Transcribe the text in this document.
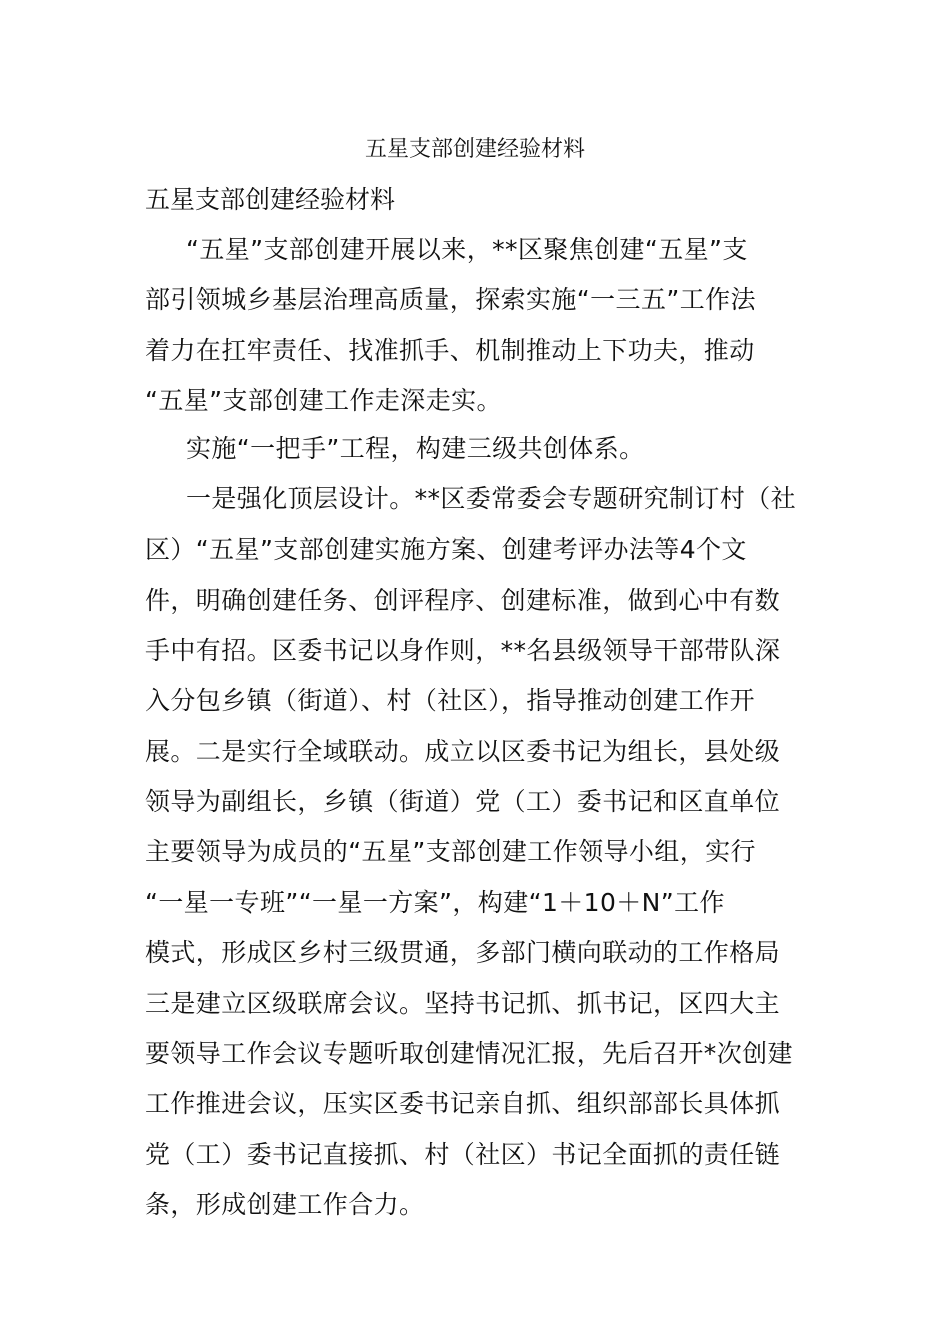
五星支部创建经验材料

五星支部创建经验材料

“五星”支部创建开展以来，**区聚焦创建“五星”支

部引领城乡基层治理高质量，探索实施“一三五”工作法

着力在扛牢责任、找准抓手、机制推动上下功夫，推动

“五星”支部创建工作走深走实。

实施“一把手”工程，构建三级共创体系。

一是强化顶层设计。**区委常委会专题研究制订村（社

区）“五星”支部创建实施方案、创建考评办法等4个文

件，明确创建任务、创评程序、创建标准，做到心中有数

手中有招。区委书记以身作则，**名县级领导干部带队深

入分包乡镇（街道）、村（社区），指导推动创建工作开

展。二是实行全域联动。成立以区委书记为组长，县处级

领导为副组长，乡镇（街道）党（工）委书记和区直单位

主要领导为成员的“五星”支部创建工作领导小组，实行

“一星一专班”“一星一方案”，构建“1＋10＋N”工作

模式，形成区乡村三级贯通，多部门横向联动的工作格局

三是建立区级联席会议。坚持书记抓、抓书记，区四大主

要领导工作会议专题听取创建情况汇报，先后召开*次创建

工作推进会议，压实区委书记亲自抓、组织部部长具体抓

党（工）委书记直接抓、村（社区）书记全面抓的责任链

条，形成创建工作合力。
